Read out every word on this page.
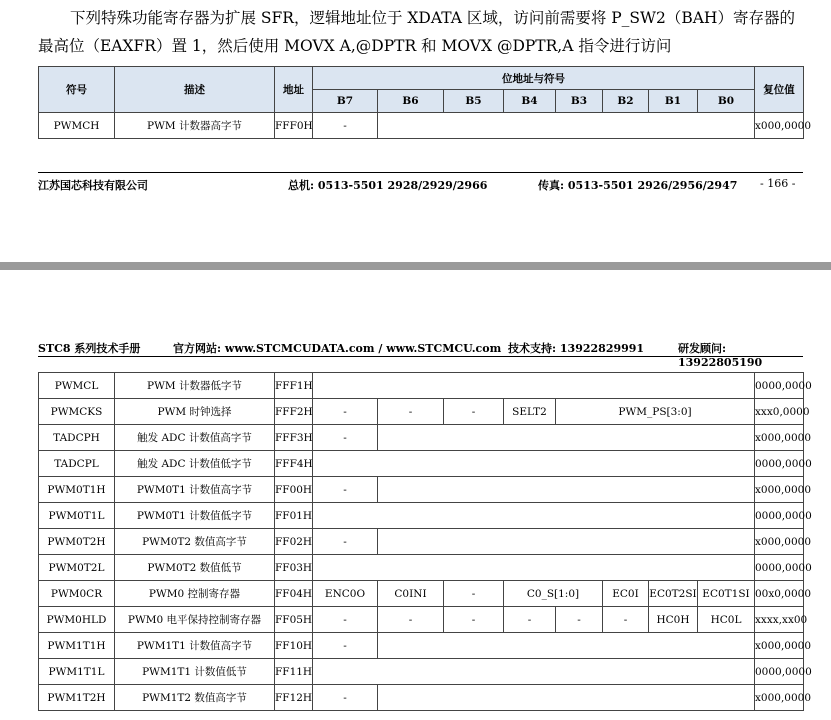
下列特殊功能寄存器为扩展 SFR，逻辑地址位于 XDATA 区域，访问前需要将 P_SW2（BAH）寄存器的最高位（EAXFR）置 1，然后使用 MOVX A,@DPTR 和 MOVX @DPTR,A 指令进行访问

符号	描述	地址	位地址与符号								复位值
			B7	B6	B5	B4	B3	B2	B1	B0	
PWMCH	PWM 计数器高字节	FFF0H	-								x000,0000
江苏国芯科技有限公司	总机: 0513-5501 2928/2929/2966	传真: 0513-5501 2926/2956/2947 - 166 -
STC8 系列技术手册	官方网站: www.STCMCUDATA.com / www.STCMCU.com 技术支持: 13922829991	研发顾问: 13922805190
PWMCL	PWM 计数器低字节	FFF1H									0000,0000
PWMCKS	PWM 时钟选择	FFF2H	-	-	-	SELT2	PWM_PS[3:0]				xxx0,0000
TADCPH	触发 ADC 计数值高字节	FFF3H	-								x000,0000
TADCPL	触发 ADC 计数值低字节	FFF4H									0000,0000
PWM0T1H	PWM0T1 计数值高字节	FF00H	-								x000,0000
PWM0T1L	PWM0T1 计数值低字节	FF01H									0000,0000
PWM0T2H	PWM0T2 数值高字节	FF02H	-								x000,0000
PWM0T2L	PWM0T2 数值低节	FF03H									0000,0000
PWM0CR	PWM0 控制寄存器	FF04H	ENC0O	C0INI	-	C0_S[1:0]		EC0I	EC0T2SI	EC0T1SI	00x0,0000
PWM0HLD	PWM0 电平保持控制寄存器	FF05H	-	-	-	-	-	-	HC0H	HC0L	xxxx,xx00
PWM1T1H	PWM1T1 计数值高字节	FF10H	-								x000,0000
PWM1T1L	PWM1T1 计数值低节	FF11H									0000,0000
PWM1T2H	PWM1T2 数值高字节	FF12H	-								x000,0000
